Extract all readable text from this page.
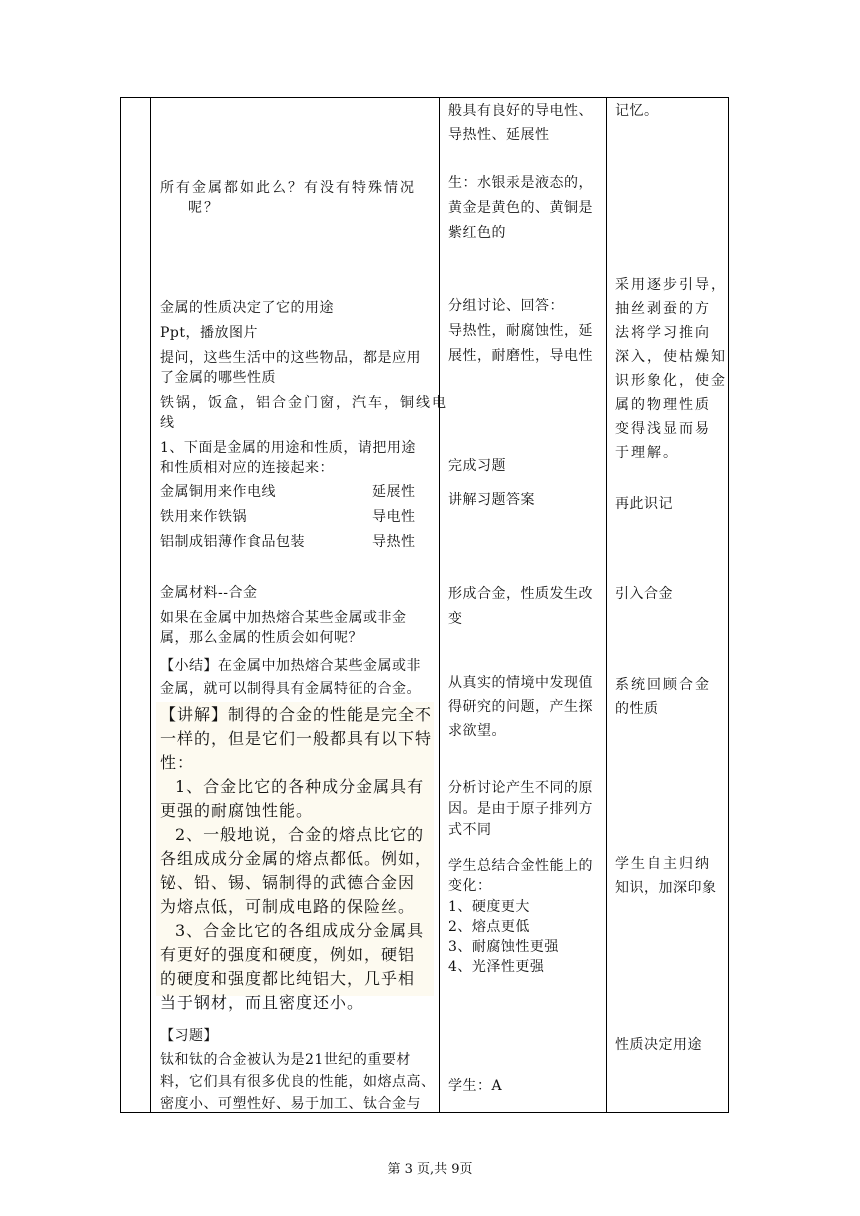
所有金属都如此么？有没有特殊情况
呢？
金属的性质决定了它的用途
Ppt，播放图片
提问，这些生活中的这些物品，都是应用
了金属的哪些性质
铁锅，饭盒，铝合金门窗，汽车，铜线电
线
1、下面是金属的用途和性质，请把用途
和性质相对应的连接起来：
金属铜用来作电线
铁用来作铁锅
铝制成铝薄作食品包装
延展性
导电性
导热性
金属材料--合金
如果在金属中加热熔合某些金属或非金
属，那么金属的性质会如何呢？
【小结】在金属中加热熔合某些金属或非
金属，就可以制得具有金属特征的合金。
【讲解】制得的合金的性能是完全不
一样的，但是它们一般都具有以下特
性：
1、合金比它的各种成分金属具有
更强的耐腐蚀性能。
2、一般地说，合金的熔点比它的
各组成成分金属的熔点都低。例如，
铋、铅、锡、镉制得的武德合金因
为熔点低，可制成电路的保险丝。
3、合金比它的各组成成分金属具
有更好的强度和硬度，例如，硬铝
的硬度和强度都比纯铝大，几乎相
当于钢材，而且密度还小。
【习题】
钛和钛的合金被认为是21世纪的重要材
料，它们具有很多优良的性能，如熔点高、
密度小、可塑性好、易于加工、钛合金与
般具有良好的导电性、
导热性、延展性
生：水银汞是液态的，
黄金是黄色的、黄铜是
紫红色的
分组讨论、回答：
导热性，耐腐蚀性，延
展性，耐磨性，导电性
完成习题
讲解习题答案
形成合金，性质发生改
变
从真实的情境中发现值
得研究的问题，产生探
求欲望。
分析讨论产生不同的原
因。是由于原子排列方
式不同
学生总结合金性能上的
变化：
1、硬度更大
2、熔点更低
3、耐腐蚀性更强
4、光泽性更强
学生：A
记忆。
采用逐步引导，
抽丝剥蚕的方
法将学习推向
深入，使枯燥知
识形象化，使金
属的物理性质
变得浅显而易
于理解。
再此识记
引入合金
系统回顾合金
的性质
学生自主归纳
知识，加深印象
性质决定用途
第 3 页,共 9页
